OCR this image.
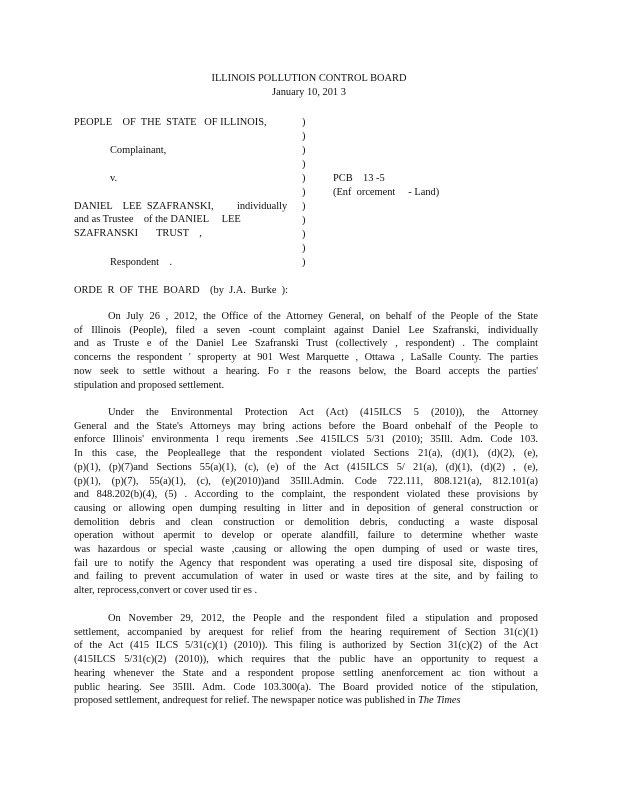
ILLINOIS POLLUTION CONTROL BOARD
January 10, 201 3
PEOPLE    OF  THE  STATE   OF ILLINOIS,
Complainant,
v.
DANIEL    LEE  SZAFRANSKI,         individually
and as Trustee    of the DANIEL     LEE
SZAFRANSKI       TRUST    ,
Respondent    .
)
)
)
)
)
)
)
)
)
)
)
PCB    13 -5
(Enf  orcement     - Land)
ORDE  R  OF  THE  BOARD    (by  J.A.  Burke  ):
On July 26 , 2012, the Office of the Attorney General, on behalf of the People of the State
of Illinois (People), filed a seven -count complaint against Daniel Lee Szafranski, individually
and as Truste e of the Daniel Lee Szafranski Trust (collectively , respondent) . The complaint
concerns the respondent ' sproperty at 901 West Marquette , Ottawa , LaSalle County. The parties
now seek to settle without a hearing. Fo r the reasons below, the Board accepts the parties'
stipulation and proposed settlement.
Under the Environmental Protection Act (Act) (415ILCS 5 (2010)), the Attorney
General and the State's Attorneys may bring actions before the Board onbehalf of the People to
enforce Illinois' environmenta l requ irements .See 415ILCS 5/31 (2010); 35Ill. Adm. Code 103.
In this case, the Peopleallege that the respondent violated Sections 21(a), (d)(1), (d)(2), (e),
(p)(1), (p)(7)and Sections 55(a)(1), (c), (e) of the Act (415ILCS 5/ 21(a), (d)(1), (d)(2) , (e),
(p)(1), (p)(7), 55(a)(1), (c), (e)(2010))and 35Ill.Admin. Code 722.111, 808.121(a), 812.101(a)
and 848.202(b)(4), (5) . According to the complaint, the respondent violated these provisions by
causing or allowing open dumping resulting in litter and in deposition of general construction or
demolition debris and clean construction or demolition debris, conducting a waste disposal
operation without apermit to develop or operate alandfill, failure to determine whether waste
was hazardous or special waste ,causing or allowing the open dumping of used or waste tires,
fail ure to notify the Agency that respondent was operating a used tire disposal site, disposing of
and failing to prevent accumulation of water in used or waste tires at the site, and by failing to
alter, reprocess,convert or cover used tir es .
On November 29, 2012, the People and the respondent filed a stipulation and proposed
settlement, accompanied by arequest for relief from the hearing requirement of Section 31(c)(1)
of the Act (415 ILCS 5/31(c)(1) (2010)). This filing is authorized by Section 31(c)(2) of the Act
(415ILCS 5/31(c)(2) (2010)), which requires that the public have an opportunity to request a
hearing whenever the State and a respondent propose settling anenforcement ac tion without a
public hearing. See 35Ill. Adm. Code 103.300(a). The Board provided notice of the stipulation,
proposed settlement, andrequest for relief. The newspaper notice was published in The Times
